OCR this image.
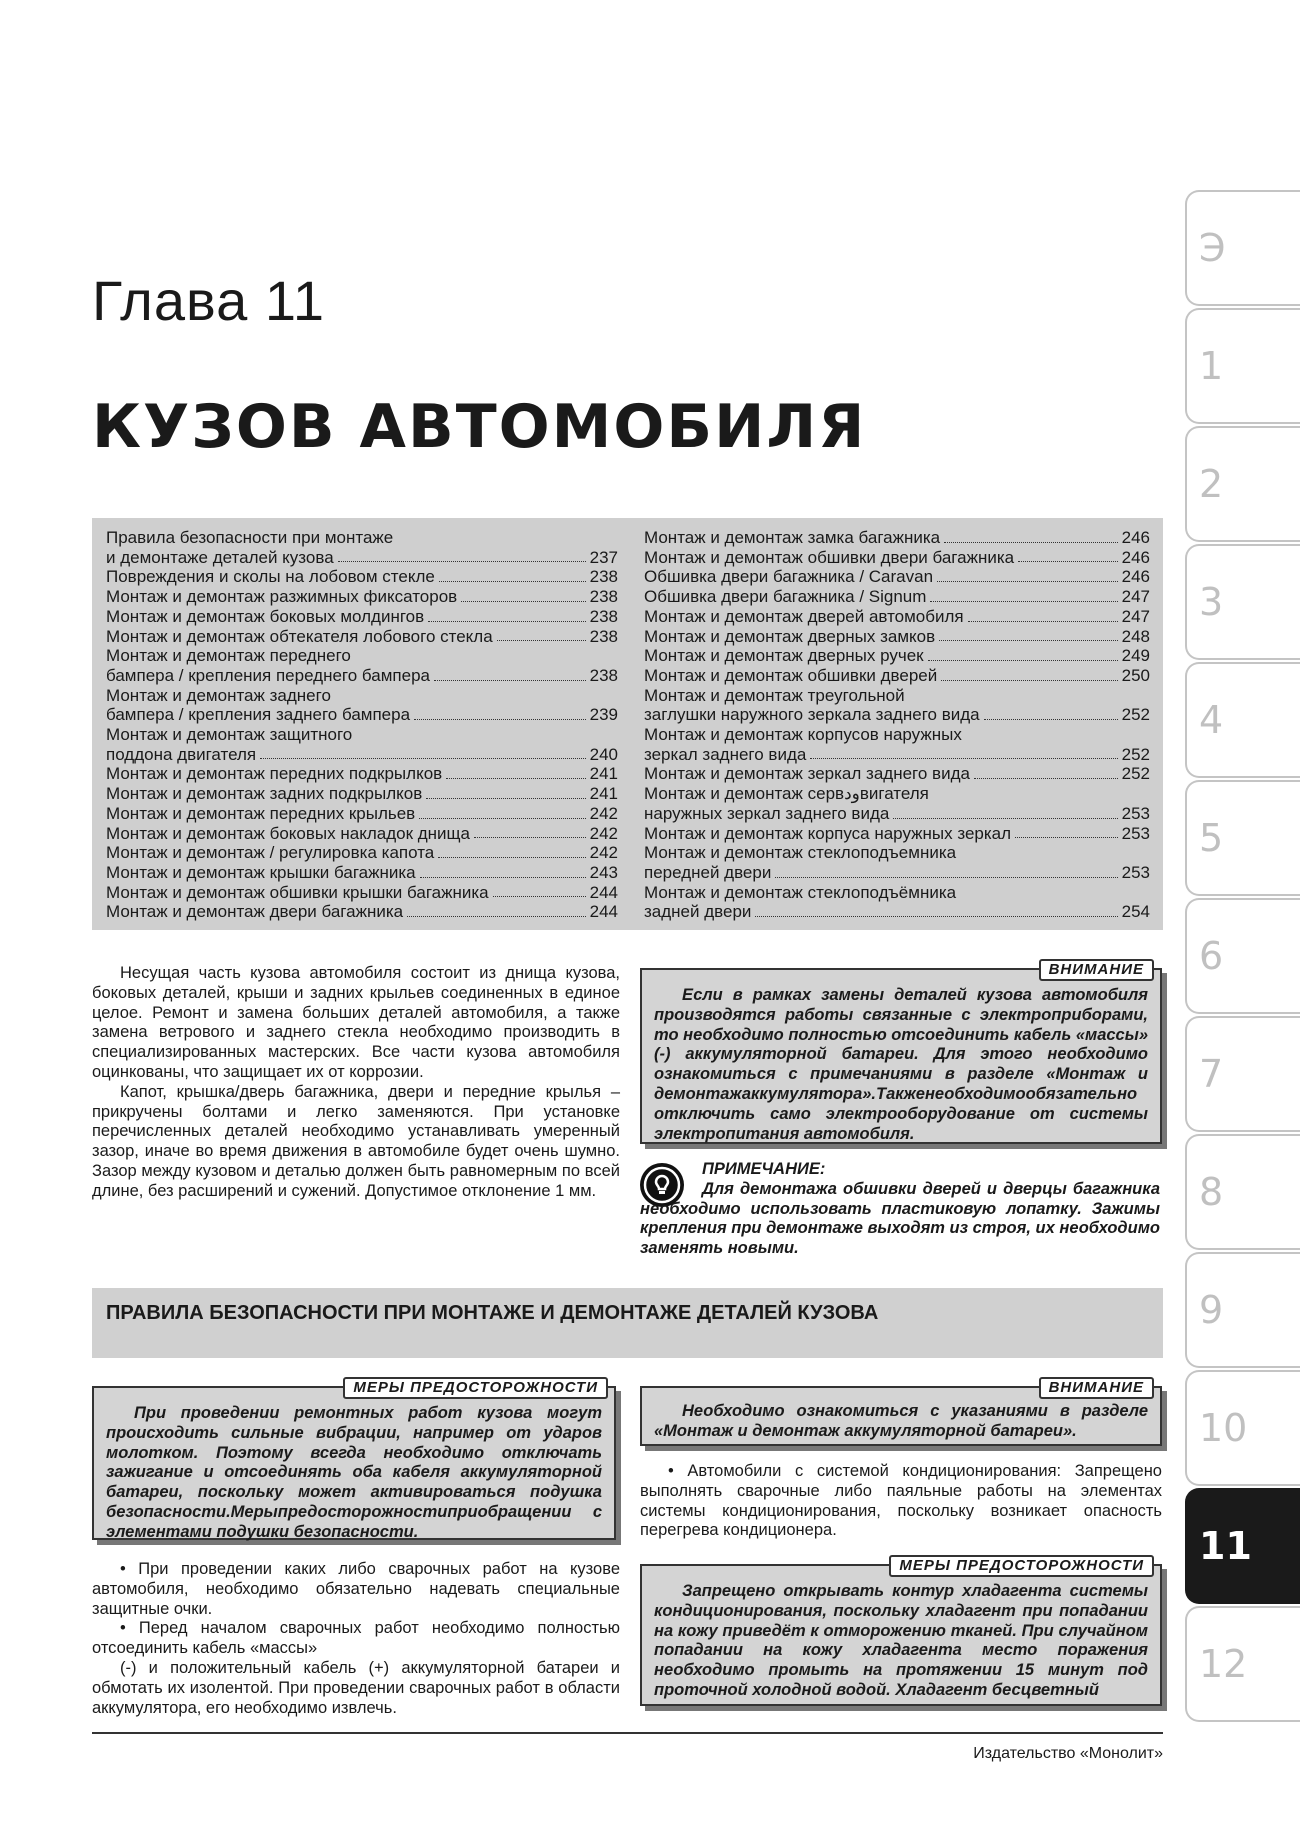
Глава 11
КУЗОВ АВТОМОБИЛЯ
Правила безопасности при монтаже
и демонтаже деталей кузова	237
Повреждения и сколы на лобовом стекле	238
Монтаж и демонтаж разжимных фиксаторов	238
Монтаж и демонтаж боковых молдингов	238
Монтаж и демонтаж обтекателя лобового стекла	238
Монтаж и демонтаж переднего
бампера / крепления переднего бампера	238
Монтаж и демонтаж заднего
бампера / крепления заднего бампера	239
Монтаж и демонтаж защитного
поддона двигателя	240
Монтаж и демонтаж передних подкрылков	241
Монтаж и демонтаж задних подкрылков	241
Монтаж и демонтаж передних крыльев	242
Монтаж и демонтаж боковых накладок днища	242
Монтаж и демонтаж / регулировка капота	242
Монтаж и демонтаж крышки багажника	243
Монтаж и демонтаж обшивки крышки багажника	244
Монтаж и демонтаж двери багажника	244
Монтаж и демонтаж замка багажника	246
Монтаж и демонтаж обшивки двери багажника	246
Обшивка двери багажника / Caravan	246
Обшивка двери багажника / Signum	247
Монтаж и демонтаж дверей автомобиля	247
Монтаж и демонтаж дверных замков	248
Монтаж и демонтаж дверных ручек	249
Монтаж и демонтаж обшивки дверей	250
Монтаж и демонтаж треугольной
заглушки наружного зеркала заднего вида	252
Монтаж и демонтаж корпусов наружных
зеркал заднего вида	252
Монтаж и демонтаж зеркал заднего вида	252
Монтаж и демонтаж сервودвигателя
наружных зеркал заднего вида	253
Монтаж и демонтаж корпуса наружных зеркал	253
Монтаж и демонтаж стеклоподъемника
передней двери	253
Монтаж и демонтаж стеклоподъёмника
задней двери	254

Несущая часть кузова автомобиля состоит из днища кузова, боковых деталей, крыши и задних крыльев соединенных в единое целое. Ремонт и замена больших деталей автомобиля, а также замена ветрового и заднего стекла необходимо производить в специализированных мастерских. Все части кузова автомобиля оцинкованы, что защищает их от коррозии.

Капот, крышка/дверь багажника, двери и передние крылья – прикручены болтами и легко заменяются. При установке перечисленных деталей необходимо устанавливать умеренный зазор, иначе во время движения в автомобиле будет очень шумно. Зазор между кузовом и деталью должен быть равномерным по всей длине, без расширений и сужений. Допустимое отклонение 1 мм.

ВНИМАНИЕ

Если в рамках замены деталей кузова автомобиля производятся работы связанные с электроприборами, то необходимо полностью отсоединить кабель «массы» (-) аккумуляторной батареи. Для этого необходимо ознакомиться с примечаниями в разделе «Монтаж и демонтажаккумулятора».Такженеобходимообязательно отключить само электрооборудование от системы электропитания автомобиля.

ПРИМЕЧАНИЕ:
Для демонтажа обшивки дверей и дверцы багажника необходимо использовать пластиковую лопатку. Зажимы крепления при демонтаже выходят из строя, их необходимо заменять новыми.
ПРАВИЛА БЕЗОПАСНОСТИ ПРИ МОНТАЖЕ И ДЕМОНТАЖЕ ДЕТАЛЕЙ КУЗОВА
МЕРЫ ПРЕДОСТОРОЖНОСТИ

При проведении ремонтных работ кузова могут происходить сильные вибрации, например от ударов молотком. Поэтому всегда необходимо отключать зажигание и отсоединять оба кабеля аккумуляторной батареи, поскольку может активироваться подушка безопасности.Мерыпредосторожностиприобращении с элементами подушки безопасности.

• При проведении каких либо сварочных работ на кузове автомобиля, необходимо обязательно надевать специальные защитные очки.

• Перед началом сварочных работ необходимо полностью отсоединить кабель «массы»

(-) и положительный кабель (+) аккумуляторной батареи и обмотать их изолентой. При проведении сварочных работ в области аккумулятора, его необходимо извлечь.

ВНИМАНИЕ

Необходимо ознакомиться с указаниями в разделе «Монтаж и демонтаж аккумуляторной батареи».

• Автомобили с системой кондиционирования: Запрещено выполнять сварочные либо паяльные работы на элементах системы кондиционирования, поскольку возникает опасность перегрева кондиционера.

МЕРЫ ПРЕДОСТОРОЖНОСТИ

Запрещено открывать контур хладагента системы кондиционирования, поскольку хладагент при попадании на кожу приведёт к отморожению тканей. При случайном попадании на кожу хладагента место поражения необходимо промыть на протяжении 15 минут под проточной холодной водой. Хладагент бесцветный

Издательство «Монолит»
Э
1
2
3
4
5
6
7
8
9
10
11
12
